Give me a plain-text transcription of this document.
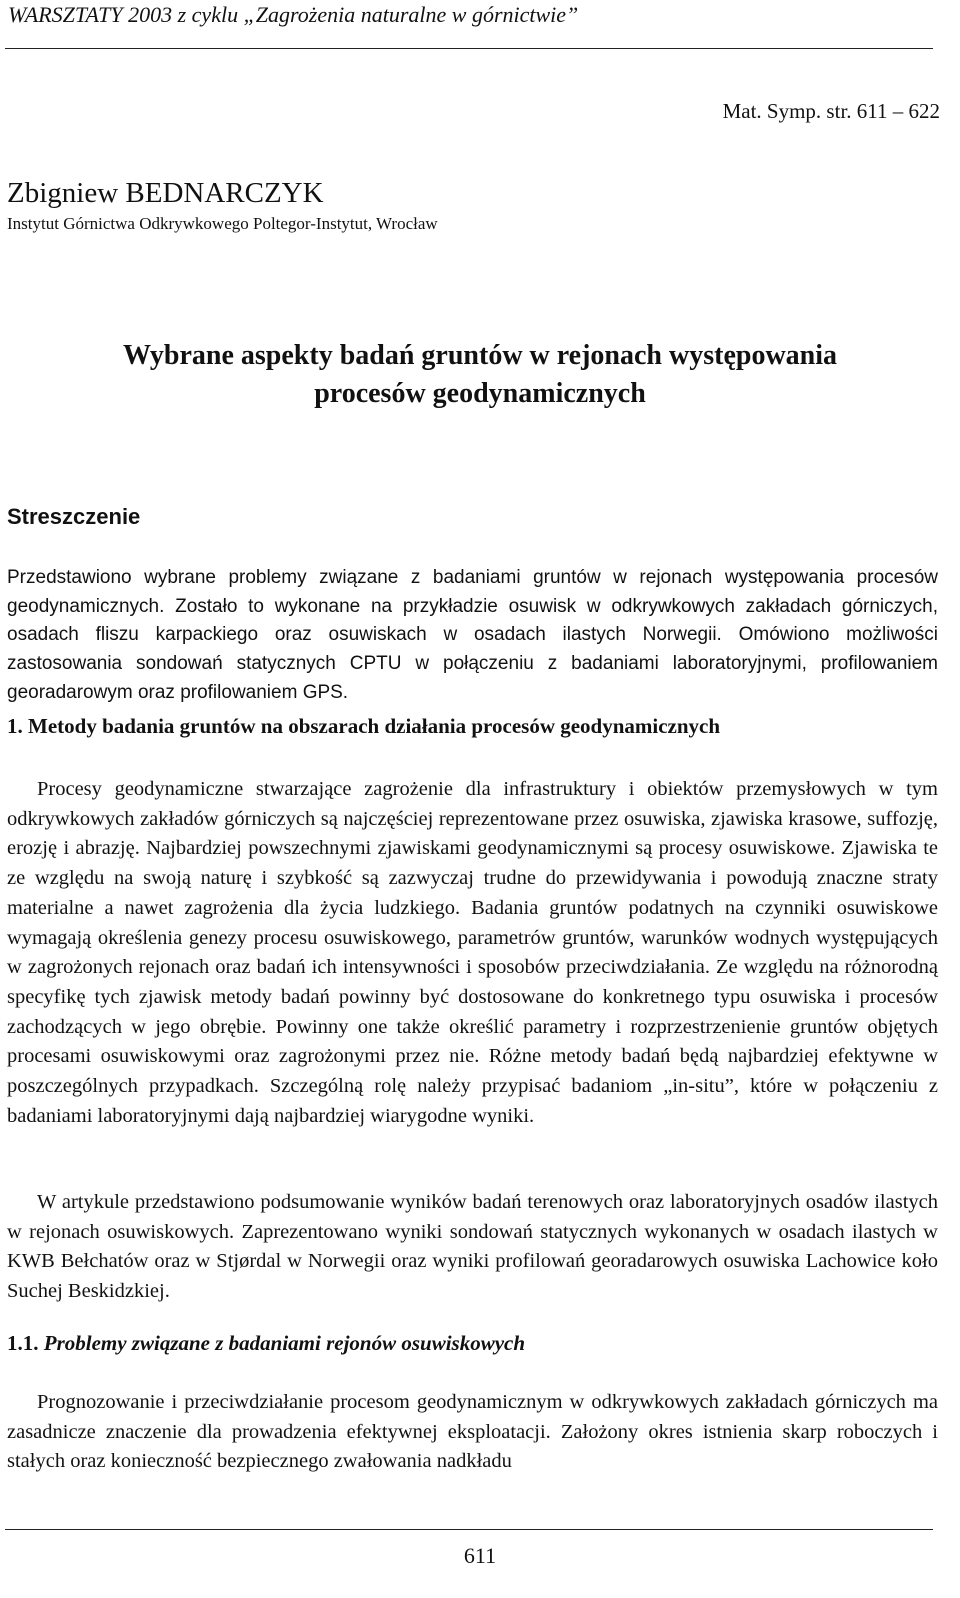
WARSZTATY 2003 z cyklu „Zagrożenia naturalne w górnictwie”
Mat. Symp. str. 611 – 622
Zbigniew BEDNARCZYK
Instytut Górnictwa Odkrywkowego Poltegor-Instytut, Wrocław
Wybrane aspekty badań gruntów w rejonach występowania
procesów geodynamicznych
Streszczenie
Przedstawiono wybrane problemy związane z badaniami gruntów w rejonach występowania procesów geodynamicznych. Zostało to wykonane na przykładzie osuwisk w odkrywkowych zakładach górniczych, osadach fliszu karpackiego oraz osuwiskach w osadach ilastych Norwegii. Omówiono możliwości zastosowania sondowań statycznych CPTU w połączeniu z badaniami laboratoryjnymi, profilowaniem georadarowym oraz profilowaniem GPS.
1. Metody badania gruntów na obszarach działania procesów geodynamicznych
Procesy geodynamiczne stwarzające zagrożenie dla infrastruktury i obiektów przemysłowych w tym odkrywkowych zakładów górniczych są najczęściej reprezentowane przez osuwiska, zjawiska krasowe, suffozję, erozję i abrazję. Najbardziej powszechnymi zjawiskami geodynamicznymi są procesy osuwiskowe. Zjawiska te ze względu na swoją naturę i szybkość są zazwyczaj trudne do przewidywania i powodują znaczne straty materialne a nawet zagrożenia dla życia ludzkiego. Badania gruntów podatnych na czynniki osuwiskowe wymagają określenia genezy procesu osuwiskowego, parametrów gruntów, warunków wodnych występujących w zagrożonych rejonach oraz badań ich intensywności i sposobów przeciwdziałania. Ze względu na różnorodną specyfikę tych zjawisk metody badań powinny być dostosowane do konkretnego typu osuwiska i procesów zachodzących w jego obrębie. Powinny one także określić parametry i rozprzestrzenienie gruntów objętych procesami osuwiskowymi oraz zagrożonymi przez nie. Różne metody badań będą najbardziej efektywne w poszczególnych przypadkach. Szczególną rolę należy przypisać badaniom „in-situ”, które w połączeniu z badaniami laboratoryjnymi dają najbardziej wiarygodne wyniki.
W artykule przedstawiono podsumowanie wyników badań terenowych oraz laboratoryjnych osadów ilastych w rejonach osuwiskowych. Zaprezentowano wyniki sondowań statycznych wykonanych w osadach ilastych w KWB Bełchatów oraz w Stjørdal w Norwegii oraz wyniki profilowań georadarowych osuwiska Lachowice koło Suchej Beskidzkiej.
1.1. Problemy związane z badaniami rejonów osuwiskowych
Prognozowanie i przeciwdziałanie procesom geodynamicznym w odkrywkowych zakładach górniczych ma zasadnicze znaczenie dla prowadzenia efektywnej eksploatacji. Założony okres istnienia skarp roboczych i stałych oraz konieczność bezpiecznego zwałowania nadkładu
611
